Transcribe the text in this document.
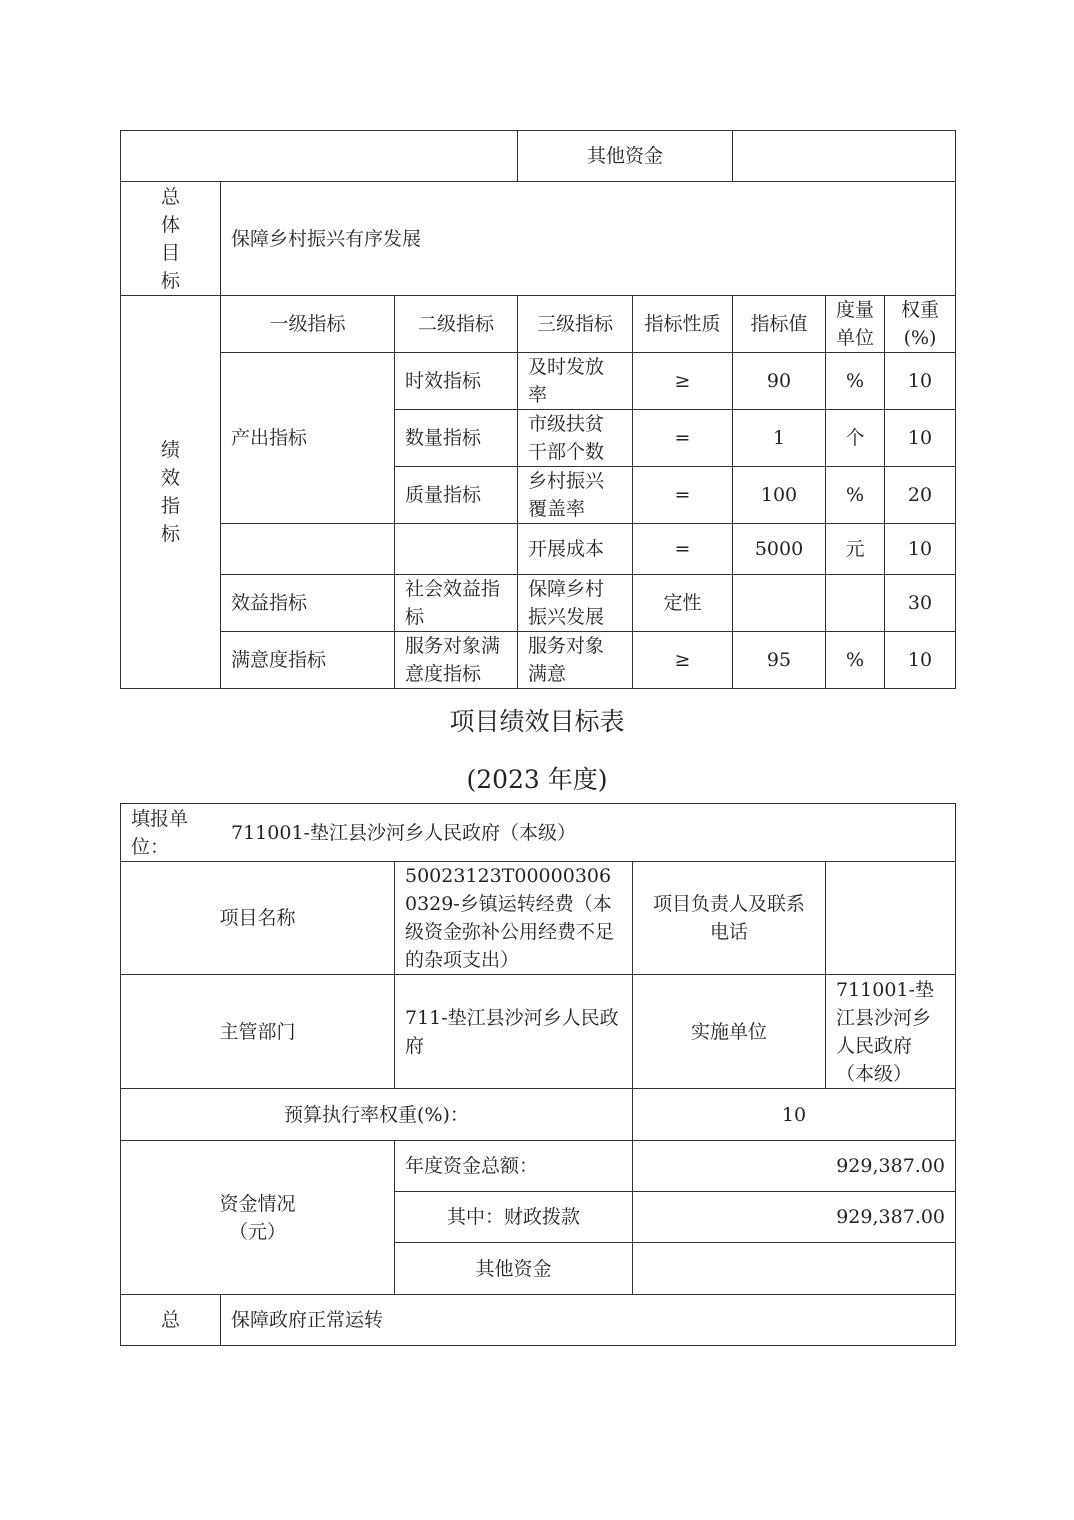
			其他资金				

总
体
目
标	保障乡村振兴有序发展						

绩
效
指
标	一级指标	二级指标	三级指标	指标性质	指标值	度量单位	权重(%)
	产出指标	时效指标	及时发放率	≥	90	%	10
		数量指标	市级扶贫干部个数	=	1	个	10
		质量指标	乡村振兴覆盖率	=	100	%	20
			开展成本	=	5000	元	10
	效益指标	社会效益指标	保障乡村振兴发展	定性			30
	满意度指标	服务对象满意度指标	服务对象满意	≥	95	%	10
项目绩效目标表
(2023 年度)
填报单位：
711001-垫江县沙河乡人民政府（本级）				

项目名称		50023123T000003060329-乡镇运转经费（本级资金弥补公用经费不足的杂项支出）	项目负责人及联系电话	
主管部门		711-垫江县沙河乡人民政府	实施单位	711001-垫江县沙河乡人民政府（本级）
预算执行率权重(%)：			10	

资金情况
（元）		年度资金总额：	929,387.00	
		其中：财政拨款	929,387.00	
		其他资金		
总	保障政府正常运转			
